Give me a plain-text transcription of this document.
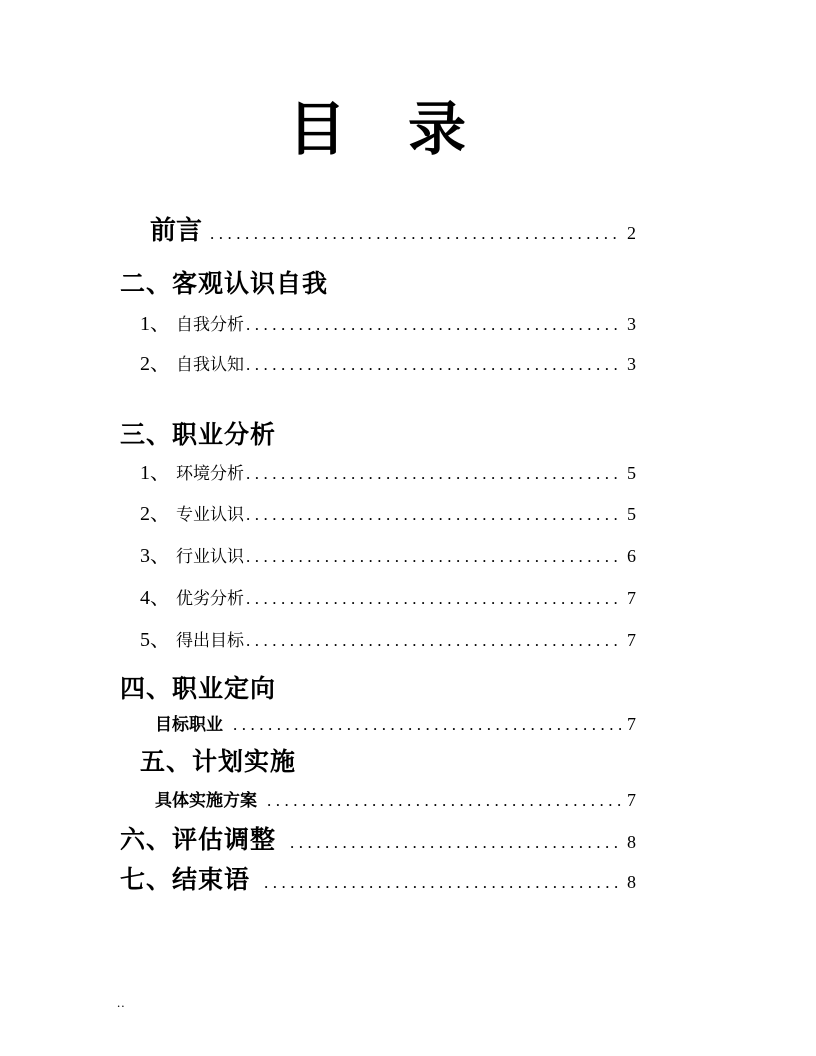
目　录
前言 .....	2
二、客观认识自我
1、 自我分析 .....	3
2、 自我认知 .....	3
三、职业分析
1、 环境分析 .....	5
2、 专业认识 .....	5
3、 行业认识 .....	6
4、 优劣分析 .....	7
5、 得出目标 .....	7
四、职业定向
目标职业 .....	7
五、计划实施
具体实施方案 .....	7
六、评估调整 .....	8
七、结束语 .....	8
..
